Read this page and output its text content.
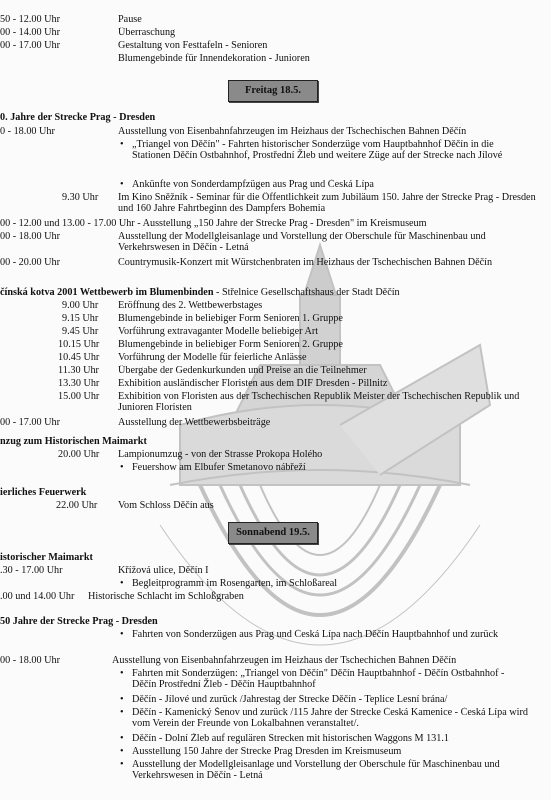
50 - 12.00 Uhr	Pause
00 - 14.00 Uhr	Überraschung
00 - 17.00 Uhr	Gestaltung von Festtafeln - Senioren
Blumengebinde für Innendekoration - Junioren
Freitag 18.5.
0. Jahre der Strecke Prag - Dresden
0 - 18.00 Uhr	Ausstellung von Eisenbahnfahrzeugen im Heizhaus der Tschechischen Bahnen Děčín
• „Triangel von Děčín" - Fahrten historischer Sonderzüge vom Hauptbahnhof Děčín in die Stationen Děčín Ostbahnhof, Prostřední Žleb und weitere Züge auf der Strecke nach Jílové
• Ankünfte von Sonderdampfzügen aus Prag und Česká Lípa
9.30 Uhr Im Kino Sněžník - Seminar für die Öffentlichkeit zum Jubiläum 150. Jahre der Strecke Prag - Dresden und 160 Jahre Fahrtbeginn des Dampfers Bohemia
00 - 12.00 und 13.00 - 17.00 Uhr - Ausstellung „150 Jahre der Strecke Prag - Dresden" im Kreismuseum
00 - 18.00 Uhr	Ausstellung der Modellgleisanlage und Vorstellung der Oberschule für Maschinenbau und Verkehrswesen in Děčín - Letná
00 - 20.00 Uhr	Countrymusik-Konzert mit Würstchenbraten im Heizhaus der Tschechischen Bahnen Děčín
čínská kotva 2001 Wettbewerb im Blumenbinden - Střelnice Gesellschaftshaus der Stadt Děčín
9.00 Uhr Eröffnung des 2. Wettbewerbstages
9.15 Uhr Blumengebinde in beliebiger Form Senioren 1. Gruppe
9.45 Uhr Vorführung extravaganter Modelle beliebiger Art
10.15 Uhr Blumengebinde in beliebiger Form Senioren 2. Gruppe
10.45 Uhr Vorführung der Modelle für feierliche Anlässe
11.30 Uhr Übergabe der Gedenkurkunden und Preise an die Teilnehmer
13.30 Uhr Exhibition ausländischer Floristen aus dem DIF Dresden - Pillnitz
15.00 Uhr Exhibition von Floristen aus der Tschechischen Republik Meister der Tschechischen Republik und Junioren Floristen
00 - 17.00 Uhr	Ausstellung der Wettbewerbsbeiträge
nzug zum Historischen Maimarkt
20.00 Uhr Lampionumzug - von der Strasse Prokopa Holého
• Feuershow am Elbufer Smetanovo nábřeží
ierliches Feuerwerk
22.00 Uhr Vom Schloss Děčín aus
Sonnabend 19.5.
istorischer Maimarkt
.30 - 17.00 Uhr	Křížová ulice, Děčín I
• Begleitprogramm im Rosengarten, im Schloßareal
.00 und 14.00 Uhr	Historische Schlacht im Schloßgraben
50 Jahre der Strecke Prag - Dresden
• Fahrten von Sonderzügen aus Prag und Česká Lípa nach Děčín Hauptbahnhof und zurück
00 - 18.00 Uhr	Ausstellung von Eisenbahnfahrzeugen im Heizhaus der Tschechichen Bahnen Děčín
• Fahrten mit Sonderzügen: „Triangel von Děčín" Děčín Hauptbahnhof - Děčín Ostbahnhof - Děčín Prostřední Žleb - Děčín Hauptbahnhof
• Děčín - Jílové und zurück /Jahrestag der Strecke Děčín - Teplice Lesní brána/
• Děčín - Kamenický Šenov und zurück /115 Jahre der Strecke Česká Kamenice - Česká Lípa wird vom Verein der Freunde von Lokalbahnen veranstaltet/.
• Děčín - Dolní Žleb auf regulären Strecken mit historischen Waggons M 131.1
• Ausstellung 150 Jahre der Strecke Prag Dresden im Kreismuseum
• Ausstellung der Modellgleisanlage und Vorstellung der Oberschule für Maschinenbau und Verkehrswesen in Děčín - Letná
